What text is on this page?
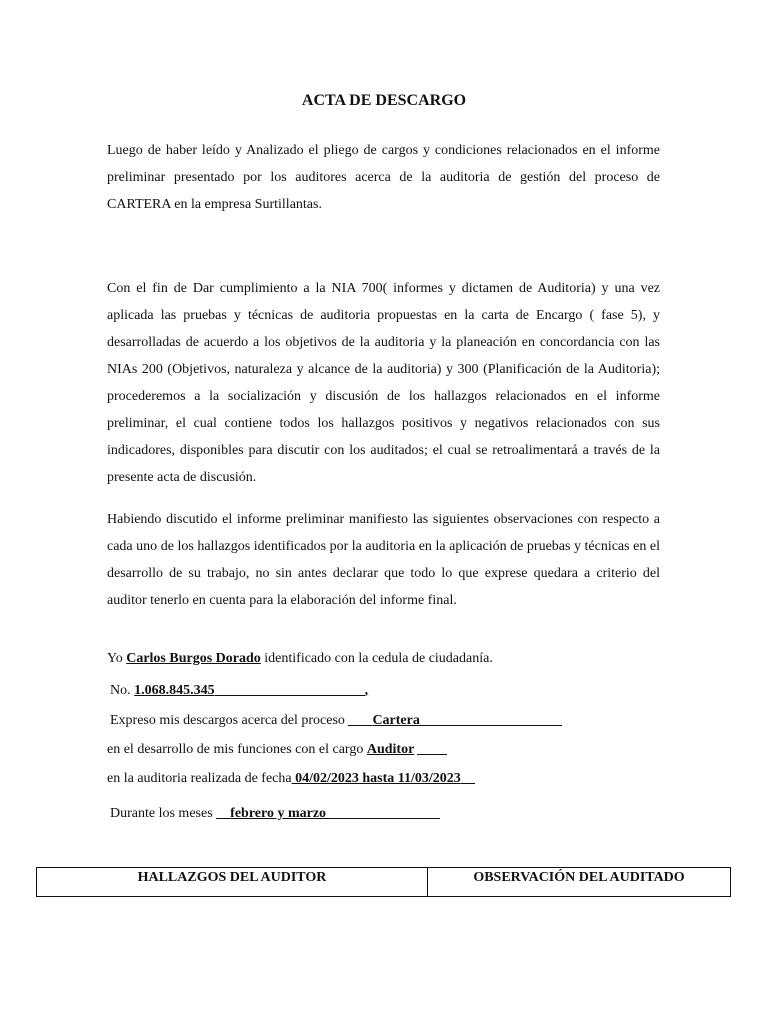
ACTA DE DESCARGO
Luego de haber leído y Analizado el pliego de cargos y condiciones relacionados en el informe preliminar presentado por los auditores acerca de la auditoria de gestión del proceso de CARTERA en la empresa Surtillantas.
Con el fin de Dar cumplimiento a la NIA 700( informes y dictamen de Auditoria) y una vez aplicada las pruebas y técnicas de auditoria propuestas en la carta de Encargo ( fase 5), y desarrolladas de acuerdo a los objetivos de la auditoria y la planeación en concordancia con las NIAs 200 (Objetivos, naturaleza y alcance de la auditoria) y 300 (Planificación de la Auditoria); procederemos a la socialización y discusión de los hallazgos relacionados en el informe preliminar, el cual contiene todos los hallazgos positivos y negativos relacionados con sus indicadores, disponibles para discutir con los auditados; el cual se retroalimentará a través de la presente acta de discusión.
Habiendo discutido el informe preliminar manifiesto las siguientes observaciones con respecto a cada uno de los hallazgos identificados por la auditoria en la aplicación de pruebas y técnicas en el desarrollo de su trabajo, no sin antes declarar que todo lo que exprese quedara a criterio del auditor tenerlo en cuenta para la elaboración del informe final.
Yo Carlos Burgos Dorado identificado con la cedula de ciudadanía.
No. 1.068.845.345	,
Expreso mis descargos acerca del proceso Cartera
en el desarrollo de mis funciones con el cargo Auditor
en la auditoria realizada de fecha 04/02/2023 hasta 11/03/2023
Durante los meses febrero y marzo
HALLAZGOS DEL AUDITOR	OBSERVACIÓN DEL AUDITADO
